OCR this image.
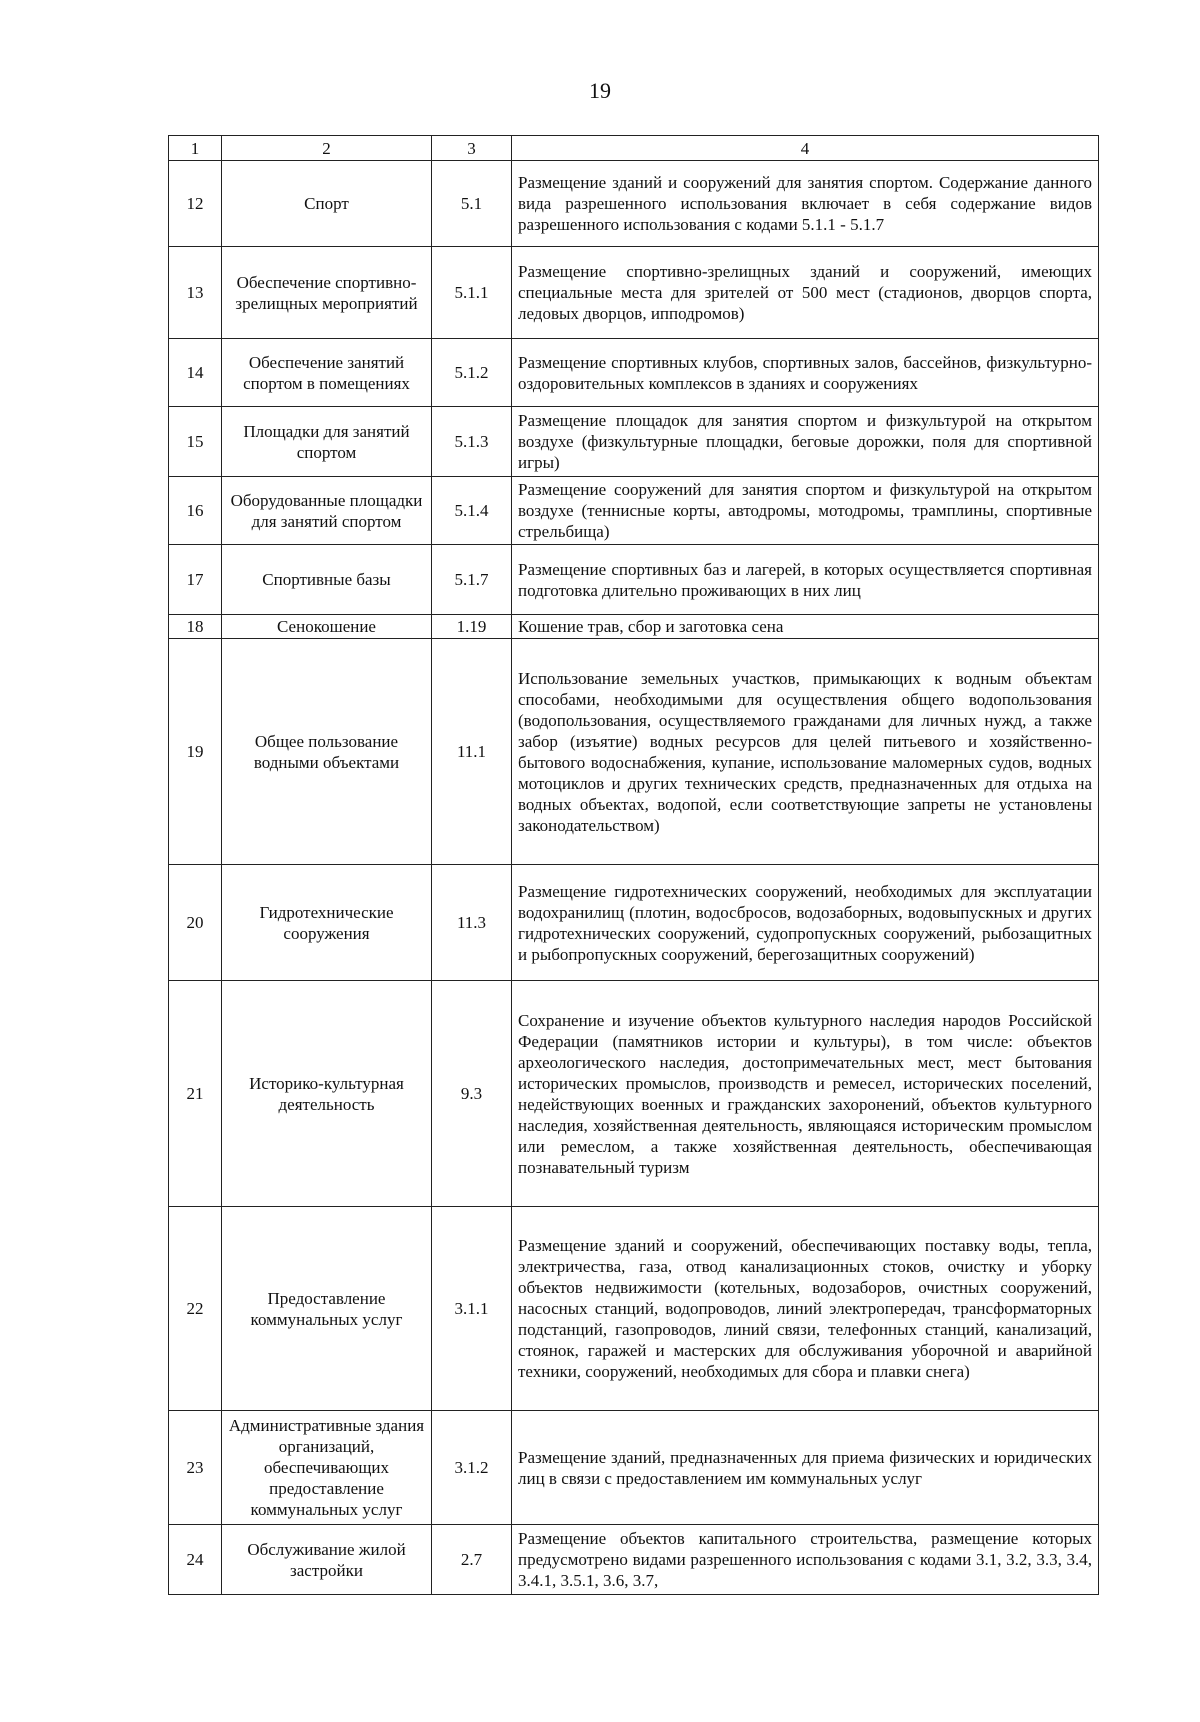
19
1	2	3	4
12	Спорт	5.1	Размещение зданий и сооружений для занятия спортом. Содержание данного вида разрешенного использования включает в себя содержание видов разрешенного использования с кодами 5.1.1 - 5.1.7
13	Обеспечение спортивно-зрелищных мероприятий	5.1.1	Размещение спортивно-зрелищных зданий и сооружений, имеющих специальные места для зрителей от 500 мест (стадионов, дворцов спорта, ледовых дворцов, ипподромов)
14	Обеспечение занятий спортом в помещениях	5.1.2	Размещение спортивных клубов, спортивных залов, бассейнов, физкультурно-оздоровительных комплексов в зданиях и сооружениях
15	Площадки для занятий спортом	5.1.3	Размещение площадок для занятия спортом и физкультурой на открытом воздухе (физкультурные площадки, беговые дорожки, поля для спортивной игры)
16	Оборудованные площадки для занятий спортом	5.1.4	Размещение сооружений для занятия спортом и физкультурой на открытом воздухе (теннисные корты, автодромы, мотодромы, трамплины, спортивные стрельбища)
17	Спортивные базы	5.1.7	Размещение спортивных баз и лагерей, в которых осуществляется спортивная подготовка длительно проживающих в них лиц
18	Сенокошение	1.19	Кошение трав, сбор и заготовка сена
19	Общее пользование водными объектами	11.1	Использование земельных участков, примыкающих к водным объектам способами, необходимыми для осуществления общего водопользования (водопользования, осуществляемого гражданами для личных нужд, а также забор (изъятие) водных ресурсов для целей питьевого и хозяйственно-бытового водоснабжения, купание, использование маломерных судов, водных мотоциклов и других технических средств, предназначенных для отдыха на водных объектах, водопой, если соответствующие запреты не установлены законодательством)
20	Гидротехнические сооружения	11.3	Размещение гидротехнических сооружений, необходимых для эксплуатации водохранилищ (плотин, водосбросов, водозаборных, водовыпускных и других гидротехнических сооружений, судопропускных сооружений, рыбозащитных и рыбопропускных сооружений, берегозащитных сооружений)
21	Историко-культурная деятельность	9.3	Сохранение и изучение объектов культурного наследия народов Российской Федерации (памятников истории и культуры), в том числе: объектов археологического наследия, достопримечательных мест, мест бытования исторических промыслов, производств и ремесел, исторических поселений, недействующих военных и гражданских захоронений, объектов культурного наследия, хозяйственная деятельность, являющаяся историческим промыслом или ремеслом, а также хозяйственная деятельность, обеспечивающая познавательный туризм
22	Предоставление коммунальных услуг	3.1.1	Размещение зданий и сооружений, обеспечивающих поставку воды, тепла, электричества, газа, отвод канализационных стоков, очистку и уборку объектов недвижимости (котельных, водозаборов, очистных сооружений, насосных станций, водопроводов, линий электропередач, трансформаторных подстанций, газопроводов, линий связи, телефонных станций, канализаций, стоянок, гаражей и мастерских для обслуживания уборочной и аварийной техники, сооружений, необходимых для сбора и плавки снега)
23	Административные здания организаций, обеспечивающих предоставление коммунальных услуг	3.1.2	Размещение зданий, предназначенных для приема физических и юридических лиц в связи с предоставлением им коммунальных услуг
24	Обслуживание жилой застройки	2.7	Размещение объектов капитального строительства, размещение которых предусмотрено видами разрешенного использования с кодами 3.1, 3.2, 3.3, 3.4, 3.4.1, 3.5.1, 3.6, 3.7,
